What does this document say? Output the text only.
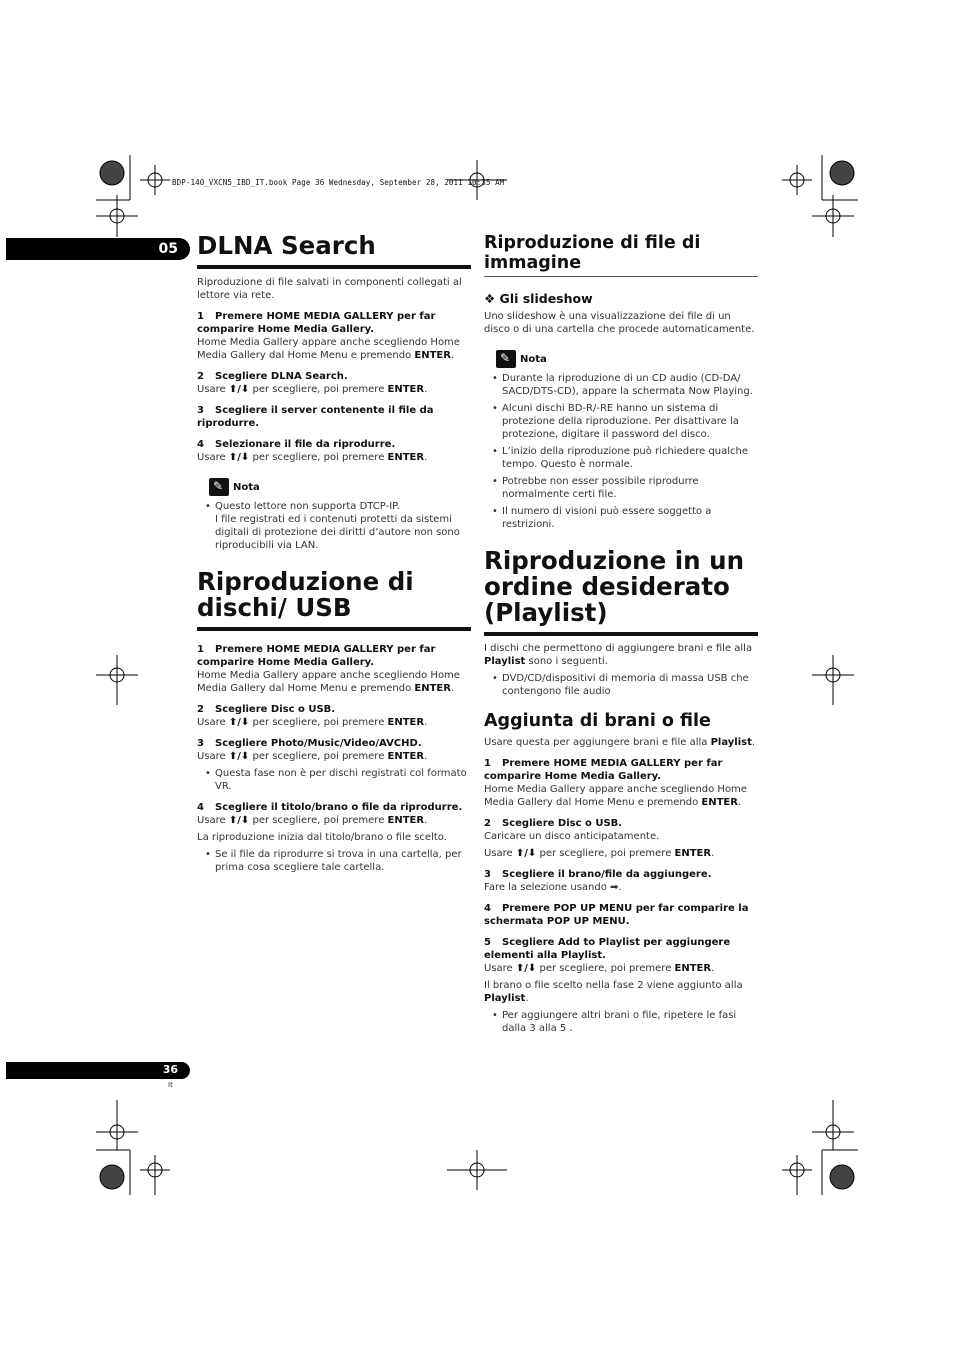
BDP-140_VXCN5_IBD_IT.book Page 36 Wednesday, September 28, 2011 10:35 AM
05 DLNA Search
Riproduzione di file salvati in componenti collegati al lettore via rete.
1 Premere HOME MEDIA GALLERY per far comparire Home Media Gallery.
Home Media Gallery appare anche scegliendo Home Media Gallery dal Home Menu e premendo ENTER.
2 Scegliere DLNA Search.
Usare ⬆/⬇ per scegliere, poi premere ENTER.
3 Scegliere il server contenente il file da riprodurre.
4 Selezionare il file da riprodurre.
Usare ⬆/⬇ per scegliere, poi premere ENTER.
✎
Nota
• Questo lettore non supporta DTCP-IP.
I file registrati ed i contenuti protetti da sistemi digitali di protezione dei diritti d’autore non sono riproducibili via LAN.
Riproduzione di dischi/ USB
1 Premere HOME MEDIA GALLERY per far comparire Home Media Gallery.
Home Media Gallery appare anche scegliendo Home Media Gallery dal Home Menu e premendo ENTER.
2 Scegliere Disc o USB.
Usare ⬆/⬇ per scegliere, poi premere ENTER.
3 Scegliere Photo/Music/Video/AVCHD.
Usare ⬆/⬇ per scegliere, poi premere ENTER.
• Questa fase non è per dischi registrati col formato VR.
4 Scegliere il titolo/brano o file da riprodurre.
Usare ⬆/⬇ per scegliere, poi premere ENTER.
La riproduzione inizia dal titolo/brano o file scelto.
• Se il file da riprodurre si trova in una cartella, per prima cosa scegliere tale cartella.
Riproduzione di file di immagine
❖ Gli slideshow
Uno slideshow è una visualizzazione dei file di un disco o di una cartella che procede automaticamente.
✎
Nota
• Durante la riproduzione di un CD audio (CD-DA/ SACD/DTS-CD), appare la schermata Now Playing.
• Alcuni dischi BD-R/-RE hanno un sistema di protezione della riproduzione. Per disattivare la protezione, digitare il password del disco.
• L’inizio della riproduzione può richiedere qualche tempo. Questo è normale.
• Potrebbe non esser possibile riprodurre normalmente certi file.
• Il numero di visioni può essere soggetto a restrizioni.
Riproduzione in un ordine desiderato (Playlist)
I dischi che permettono di aggiungere brani e file alla Playlist sono i seguenti.
• DVD/CD/dispositivi di memoria di massa USB che contengono file audio
Aggiunta di brani o file
Usare questa per aggiungere brani e file alla Playlist.
1 Premere HOME MEDIA GALLERY per far comparire Home Media Gallery.
Home Media Gallery appare anche scegliendo Home Media Gallery dal Home Menu e premendo ENTER.
2 Scegliere Disc o USB.
Caricare un disco anticipatamente.
Usare ⬆/⬇ per scegliere, poi premere ENTER.
3 Scegliere il brano/file da aggiungere.
Fare la selezione usando ➡.
4 Premere POP UP MENU per far comparire la schermata POP UP MENU.
5 Scegliere Add to Playlist per aggiungere elementi alla Playlist.
Usare ⬆/⬇ per scegliere, poi premere ENTER.
Il brano o file scelto nella fase 2 viene aggiunto alla Playlist.
• Per aggiungere altri brani o file, ripetere le fasi dalla 3 alla 5 .
36
It
